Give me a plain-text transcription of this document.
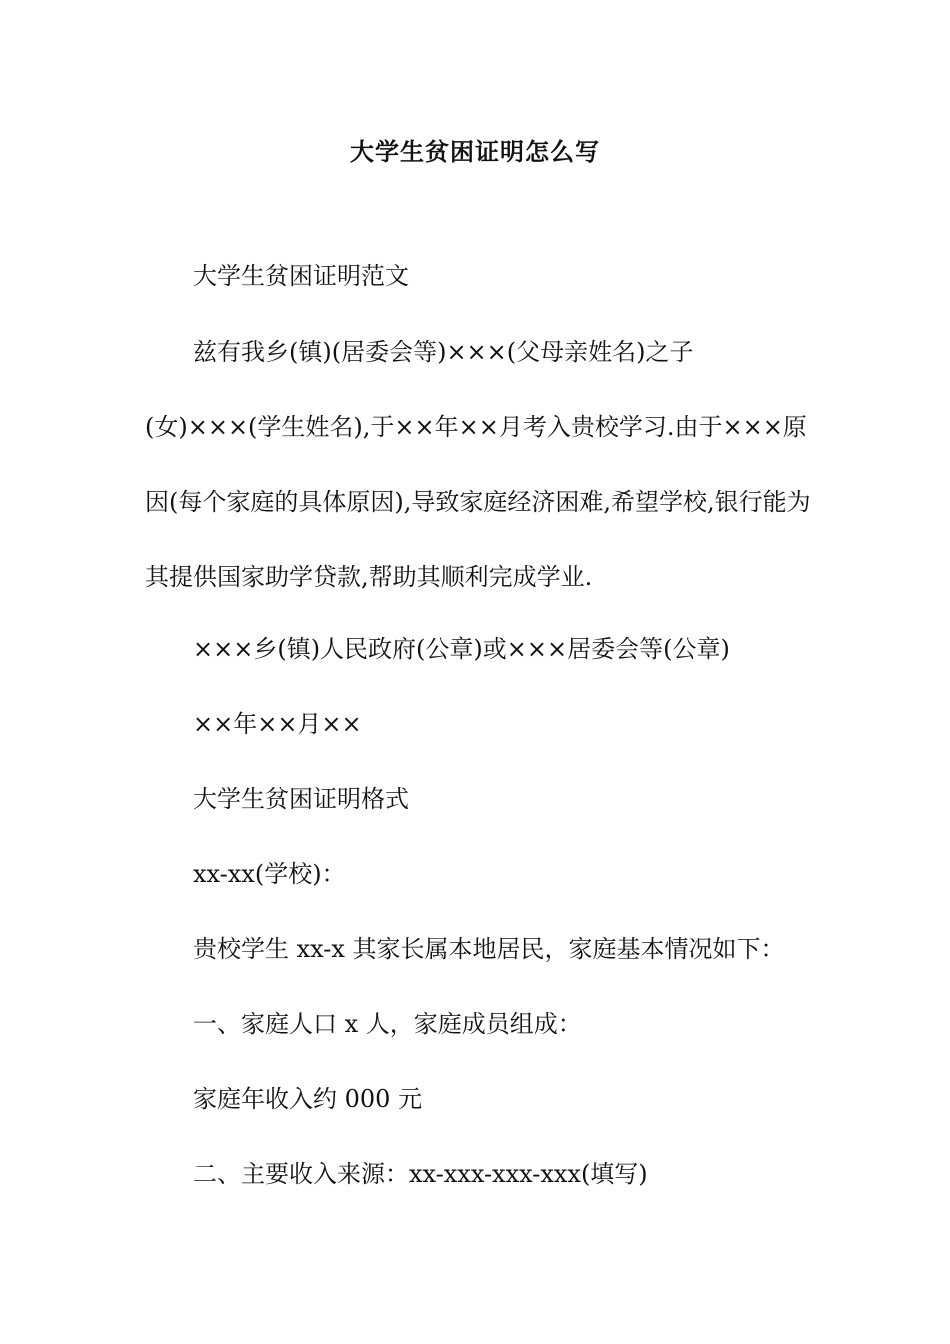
大学生贫困证明怎么写
大学生贫困证明范文

兹有我乡(镇)(居委会等)×××(父母亲姓名)之子(女)×××(学生姓名),于××年××月考入贵校学习.由于×××原因(每个家庭的具体原因),导致家庭经济困难,希望学校,银行能为其提供国家助学贷款,帮助其顺利完成学业.

×××乡(镇)人民政府(公章)或×××居委会等(公章)
××年××月××
大学生贫困证明格式
xx-xx(学校)：
贵校学生 xx-x 其家长属本地居民，家庭基本情况如下：
一、家庭人口 x 人，家庭成员组成：
家庭年收入约 000 元
二、主要收入来源：xx-xxx-xxx-xxx(填写)
